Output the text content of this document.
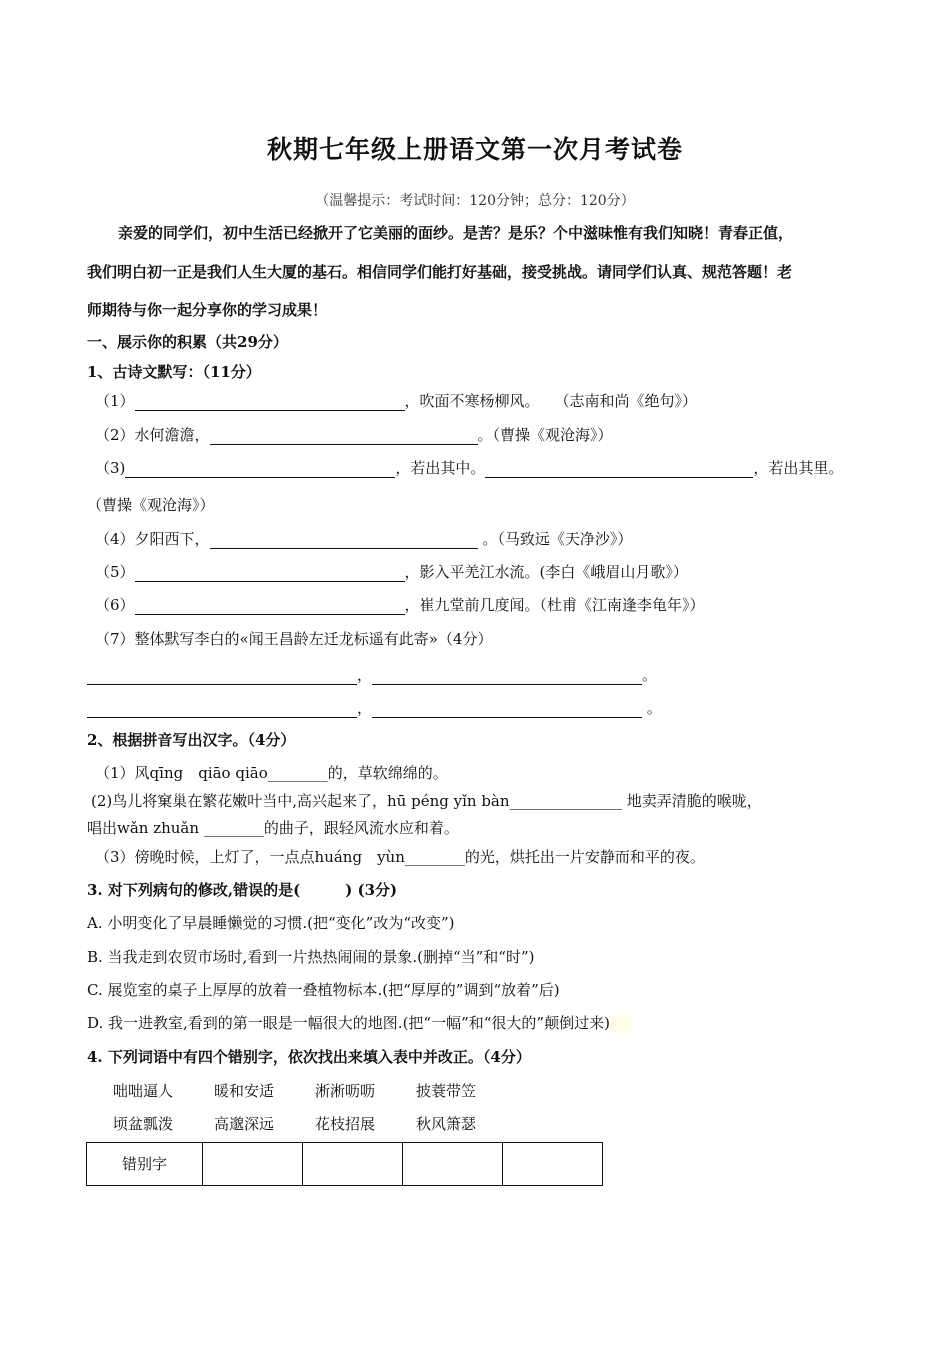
秋期七年级上册语文第一次月考试卷
（温馨提示：考试时间：120分钟；总分：120分）
亲爱的同学们，初中生活已经掀开了它美丽的面纱。是苦？是乐？个中滋味惟有我们知晓！青春正值，
我们明白初一正是我们人生大厦的基石。相信同学们能打好基础，接受挑战。请同学们认真、规范答题！老
师期待与你一起分享你的学习成果！
一、展示你的积累（共29分）
1、古诗文默写：（11分）
（1）	，吹面不寒杨柳风。　　（志南和尚《绝句》）
（2）水何澹澹，	。（曹操《观沧海》）
（3)	，若出其中。	，若出其里。
（曹操《观沧海》）
（4）夕阳西下，	。（马致远《天净沙》）
（5）	，影入平羌江水流。(李白《峨眉山月歌》）
（6）	，崔九堂前几度闻。（杜甫《江南逢李龟年》）
（7）整体默写李白的«闻王昌龄左迁龙标遥有此寄»（4分）
，	。
，	。
2、根据拼音写出汉字。（4分）
（1）风qīng　qiāo qiāo________的，草软绵绵的。
(2)鸟儿将窠巢在繁花嫩叶当中,高兴起来了，hū péng yǐn bàn_______________ 地卖弄清脆的喉咙，
唱出wǎn zhuǎn ________的曲子，跟轻风流水应和着。
（3）傍晚时候，上灯了，一点点huáng　yùn________的光，烘托出一片安静而和平的夜。
3. 对下列病句的修改,错误的是(　　　) (3分)
A. 小明变化了早晨睡懒觉的习惯.(把“变化”改为“改变”)
B. 当我走到农贸市场时,看到一片热热闹闹的景象.(删掉“当”和“时”)
C. 展览室的桌子上厚厚的放着一叠植物标本.(把“厚厚的”调到“放着”后)
D. 我一进教室,看到的第一眼是一幅很大的地图.(把“一幅”和“很大的”颠倒过来)
4. 下列词语中有四个错别字，依次找出来填入表中并改正。（4分）
咄咄逼人	暖和安适	淅淅呖呖	披蓑带笠
顷盆瓢泼	高邈深远	花枝招展	秋风箫瑟
错别字				
